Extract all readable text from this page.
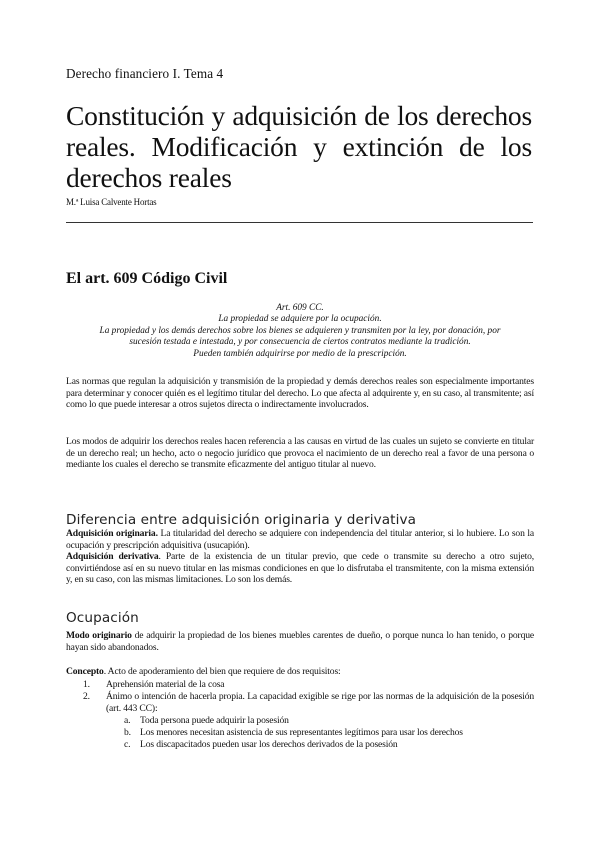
Derecho financiero I. Tema 4
Constitución y adquisición de los derechos reales. Modificación y extinción de los derechos reales
M.ª Luisa Calvente Hortas
El art. 609 Código Civil
Art. 609 CC.
La propiedad se adquiere por la ocupación.
La propiedad y los demás derechos sobre los bienes se adquieren y transmiten por la ley, por donación, por
sucesión testada e intestada, y por consecuencia de ciertos contratos mediante la tradición.
Pueden también adquirirse por medio de la prescripción.
Las normas que regulan la adquisición y transmisión de la propiedad y demás derechos reales son especialmente importantes para determinar y conocer quién es el legítimo titular del derecho. Lo que afecta al adquirente y, en su caso, al transmitente; así como lo que puede interesar a otros sujetos directa o indirectamente involucrados.
Los modos de adquirir los derechos reales hacen referencia a las causas en virtud de las cuales un sujeto se convierte en titular de un derecho real; un hecho, acto o negocio jurídico que provoca el nacimiento de un derecho real a favor de una persona o mediante los cuales el derecho se transmite eficazmente del antiguo titular al nuevo.
Diferencia entre adquisición originaria y derivativa
Adquisición originaria. La titularidad del derecho se adquiere con independencia del titular anterior, si lo hubiere. Lo son la ocupación y prescripción adquisitiva (usucapión).
Adquisición derivativa. Parte de la existencia de un titular previo, que cede o transmite su derecho a otro sujeto, convirtiéndose así en su nuevo titular en las mismas condiciones en que lo disfrutaba el transmitente, con la misma extensión y, en su caso, con las mismas limitaciones. Lo son los demás.
Ocupación
Modo originario de adquirir la propiedad de los bienes muebles carentes de dueño, o porque nunca lo han tenido, o porque hayan sido abandonados.
Concepto. Acto de apoderamiento del bien que requiere de dos requisitos:
1. Aprehensión material de la cosa
2. Ánimo o intención de hacerla propia. La capacidad exigible se rige por las normas de la adquisición de la posesión (art. 443 CC):
a. Toda persona puede adquirir la posesión
b. Los menores necesitan asistencia de sus representantes legítimos para usar los derechos
c. Los discapacitados pueden usar los derechos derivados de la posesión
